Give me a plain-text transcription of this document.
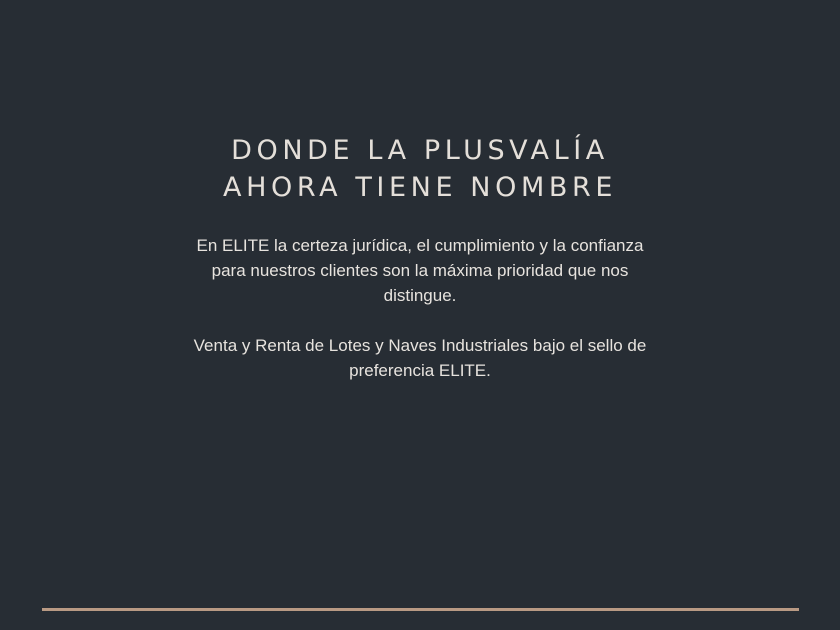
DONDE LA PLUSVALÍA
AHORA TIENE NOMBRE

En ELITE la certeza jurídica, el cumplimiento y la confianza para nuestros clientes son la máxima prioridad que nos distingue.

Venta y Renta de Lotes y Naves Industriales bajo el sello de preferencia ELITE.
